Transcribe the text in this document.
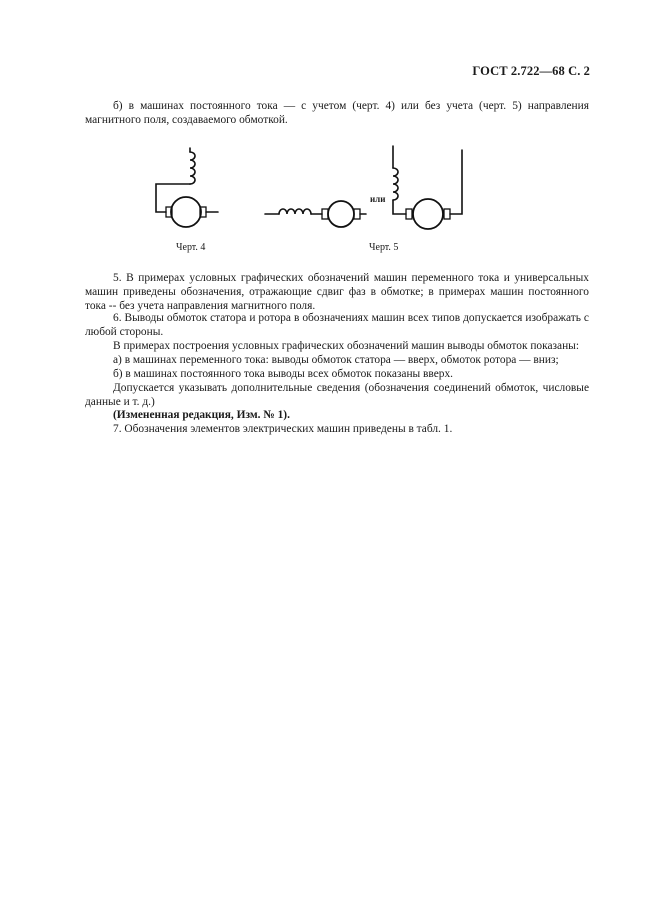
ГОСТ 2.722—68 С. 2

б) в машинах постоянного тока — с учетом (черт. 4) или без учета (черт. 5) направления магнитного поля, создаваемого обмоткой.

или
Черт. 4	Черт. 5

5. В примерах условных графических обозначений машин переменного тока и универсальных машин приведены обозначения, отражающие сдвиг фаз в обмотке; в примерах машин постоянного тока -- без учета направления магнитного поля.

6. Выводы обмоток статора и ротора в обозначениях машин всех типов допускается изображать с любой стороны.

В примерах построения условных графических обозначений машин выводы обмоток показаны:

а) в машинах переменного тока: выводы обмоток статора — вверх, обмоток ротора — вниз;

б) в машинах постоянного тока выводы всех обмоток показаны вверх.

Допускается указывать дополнительные сведения (обозначения соединений обмоток, числовые данные и т. д.)

(Измененная редакция, Изм. № 1).

7. Обозначения элементов электрических машин приведены в табл. 1.
